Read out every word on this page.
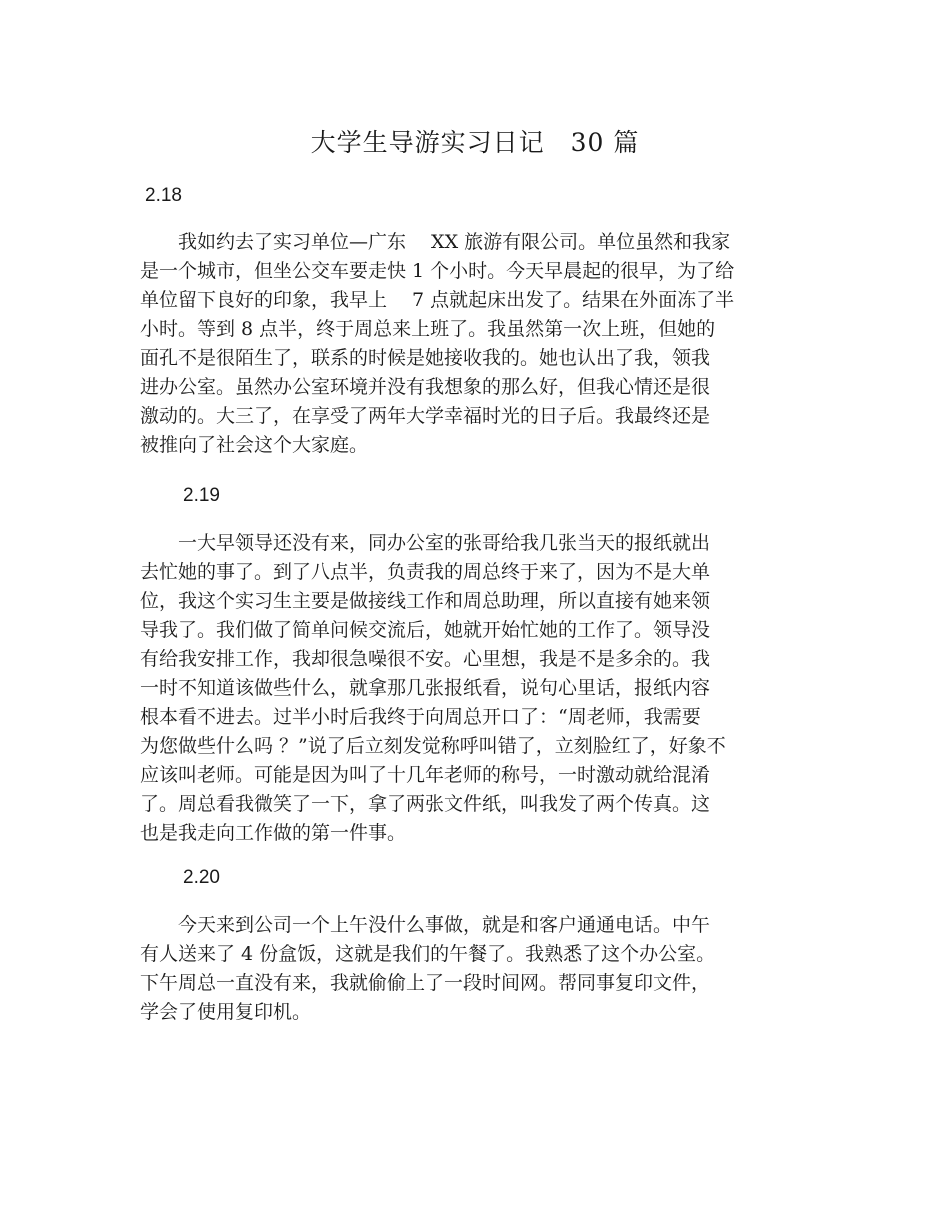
大学生导游实习日记　30 篇
2.18
　　我如约去了实习单位—广东　 XX 旅游有限公司。单位虽然和我家
是一个城市，但坐公交车要走快 1 个小时。今天早晨起的很早，为了给
单位留下良好的印象，我早上　 7 点就起床出发了。结果在外面冻了半
小时。等到 8 点半，终于周总来上班了。我虽然第一次上班，但她的
面孔不是很陌生了，联系的时候是她接收我的。她也认出了我，领我
进办公室。虽然办公室环境并没有我想象的那么好，但我心情还是很
激动的。大三了，在享受了两年大学幸福时光的日子后。我最终还是
被推向了社会这个大家庭。
2.19
　　一大早领导还没有来，同办公室的张哥给我几张当天的报纸就出
去忙她的事了。到了八点半，负责我的周总终于来了，因为不是大单
位，我这个实习生主要是做接线工作和周总助理，所以直接有她来领
导我了。我们做了简单问候交流后，她就开始忙她的工作了。领导没
有给我安排工作，我却很急噪很不安。心里想，我是不是多余的。我
一时不知道该做些什么，就拿那几张报纸看，说句心里话，报纸内容
根本看不进去。过半小时后我终于向周总开口了：“周老师，我需要
为您做些什么吗 ？”说了后立刻发觉称呼叫错了，立刻脸红了，好象不
应该叫老师。可能是因为叫了十几年老师的称号，一时激动就给混淆
了。周总看我微笑了一下，拿了两张文件纸，叫我发了两个传真。这
也是我走向工作做的第一件事。
2.20
　　今天来到公司一个上午没什么事做，就是和客户通通电话。中午
有人送来了 4 份盒饭，这就是我们的午餐了。我熟悉了这个办公室。
下午周总一直没有来，我就偷偷上了一段时间网。帮同事复印文件，
学会了使用复印机。
